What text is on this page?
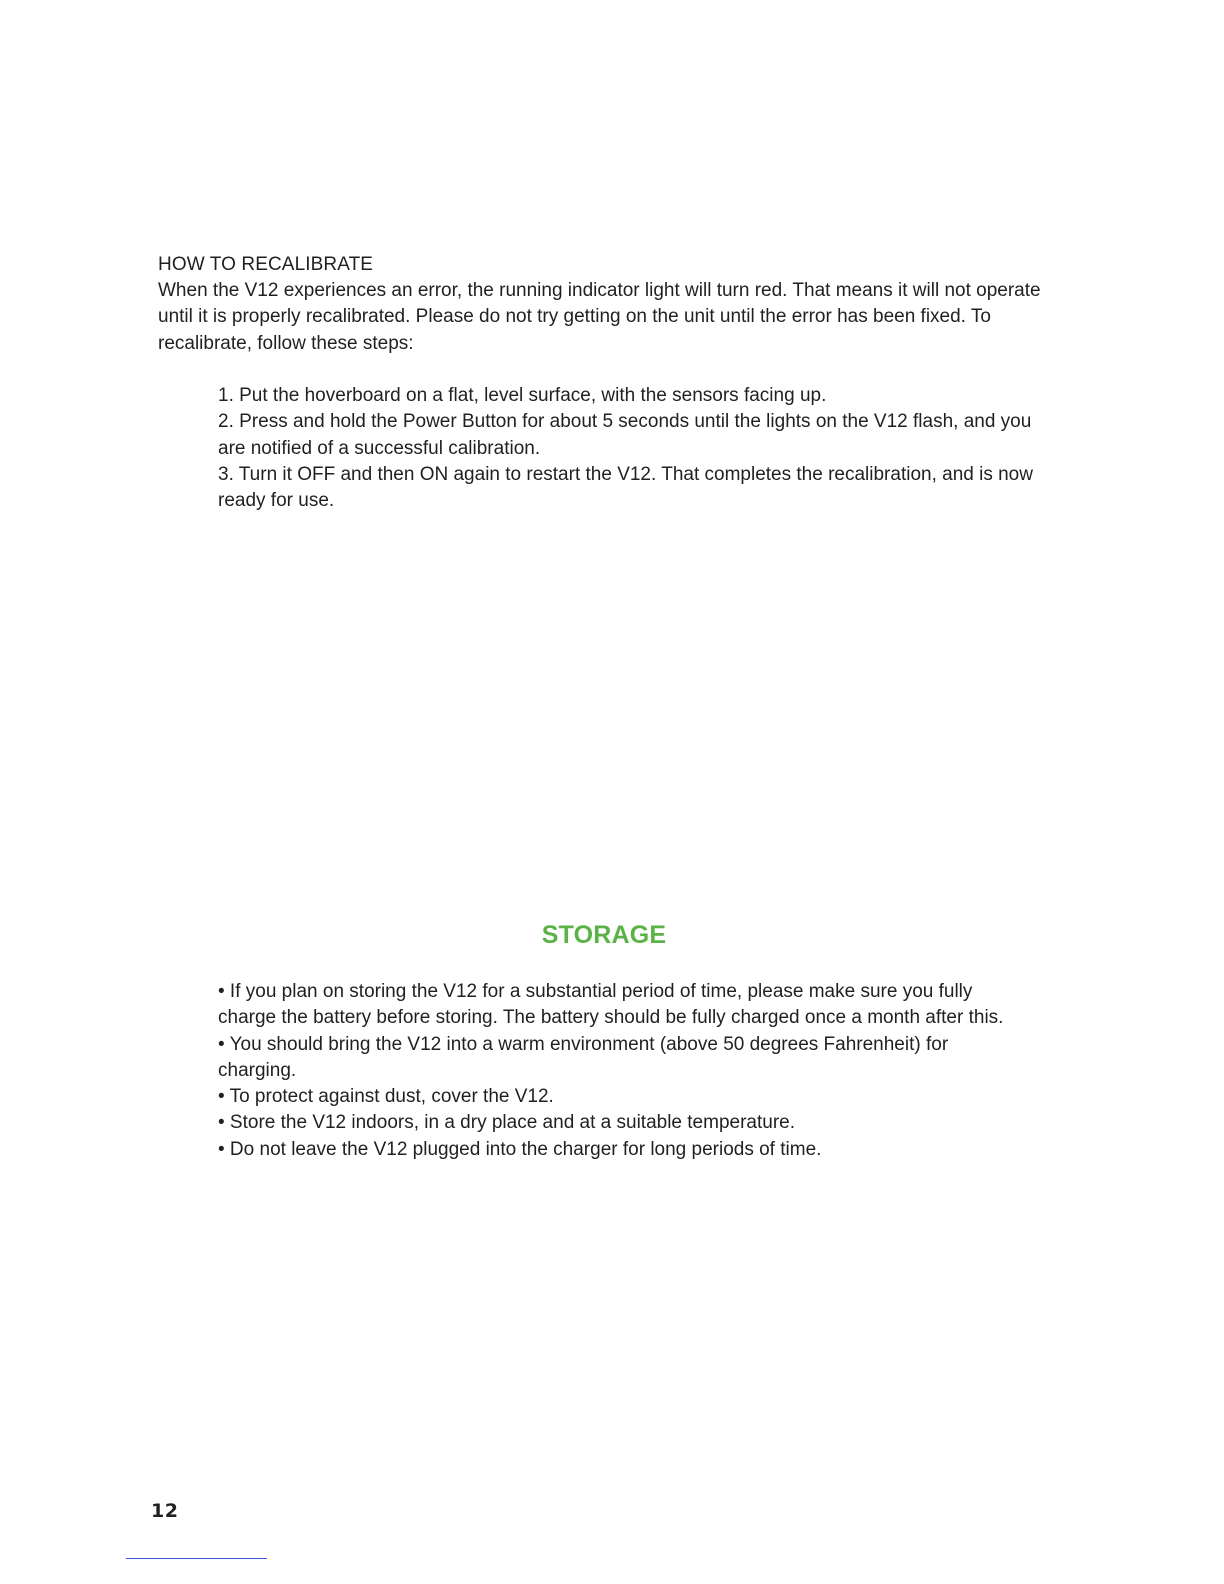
HOW TO RECALIBRATE

When the V12 experiences an error, the running indicator light will turn red. That means it will not operate until it is properly recalibrated. Please do not try getting on the unit until the error has been fixed. To recalibrate, follow these steps:

1. Put the hoverboard on a flat, level surface, with the sensors facing up.

2. Press and hold the Power Button for about 5 seconds until the lights on the V12 flash, and you are notified of a successful calibration.

3. Turn it OFF and then ON again to restart the V12. That completes the recalibration, and is now ready for use.

STORAGE

• If you plan on storing the V12 for a substantial period of time, please make sure you fully charge the battery before storing. The battery should be fully charged once a month after this.

• You should bring the V12 into a warm environment (above 50 degrees Fahrenheit) for charging.

• To protect against dust, cover the V12.

• Store the V12 indoors, in a dry place and at a suitable temperature.

• Do not leave the V12 plugged into the charger for long periods of time.

12
